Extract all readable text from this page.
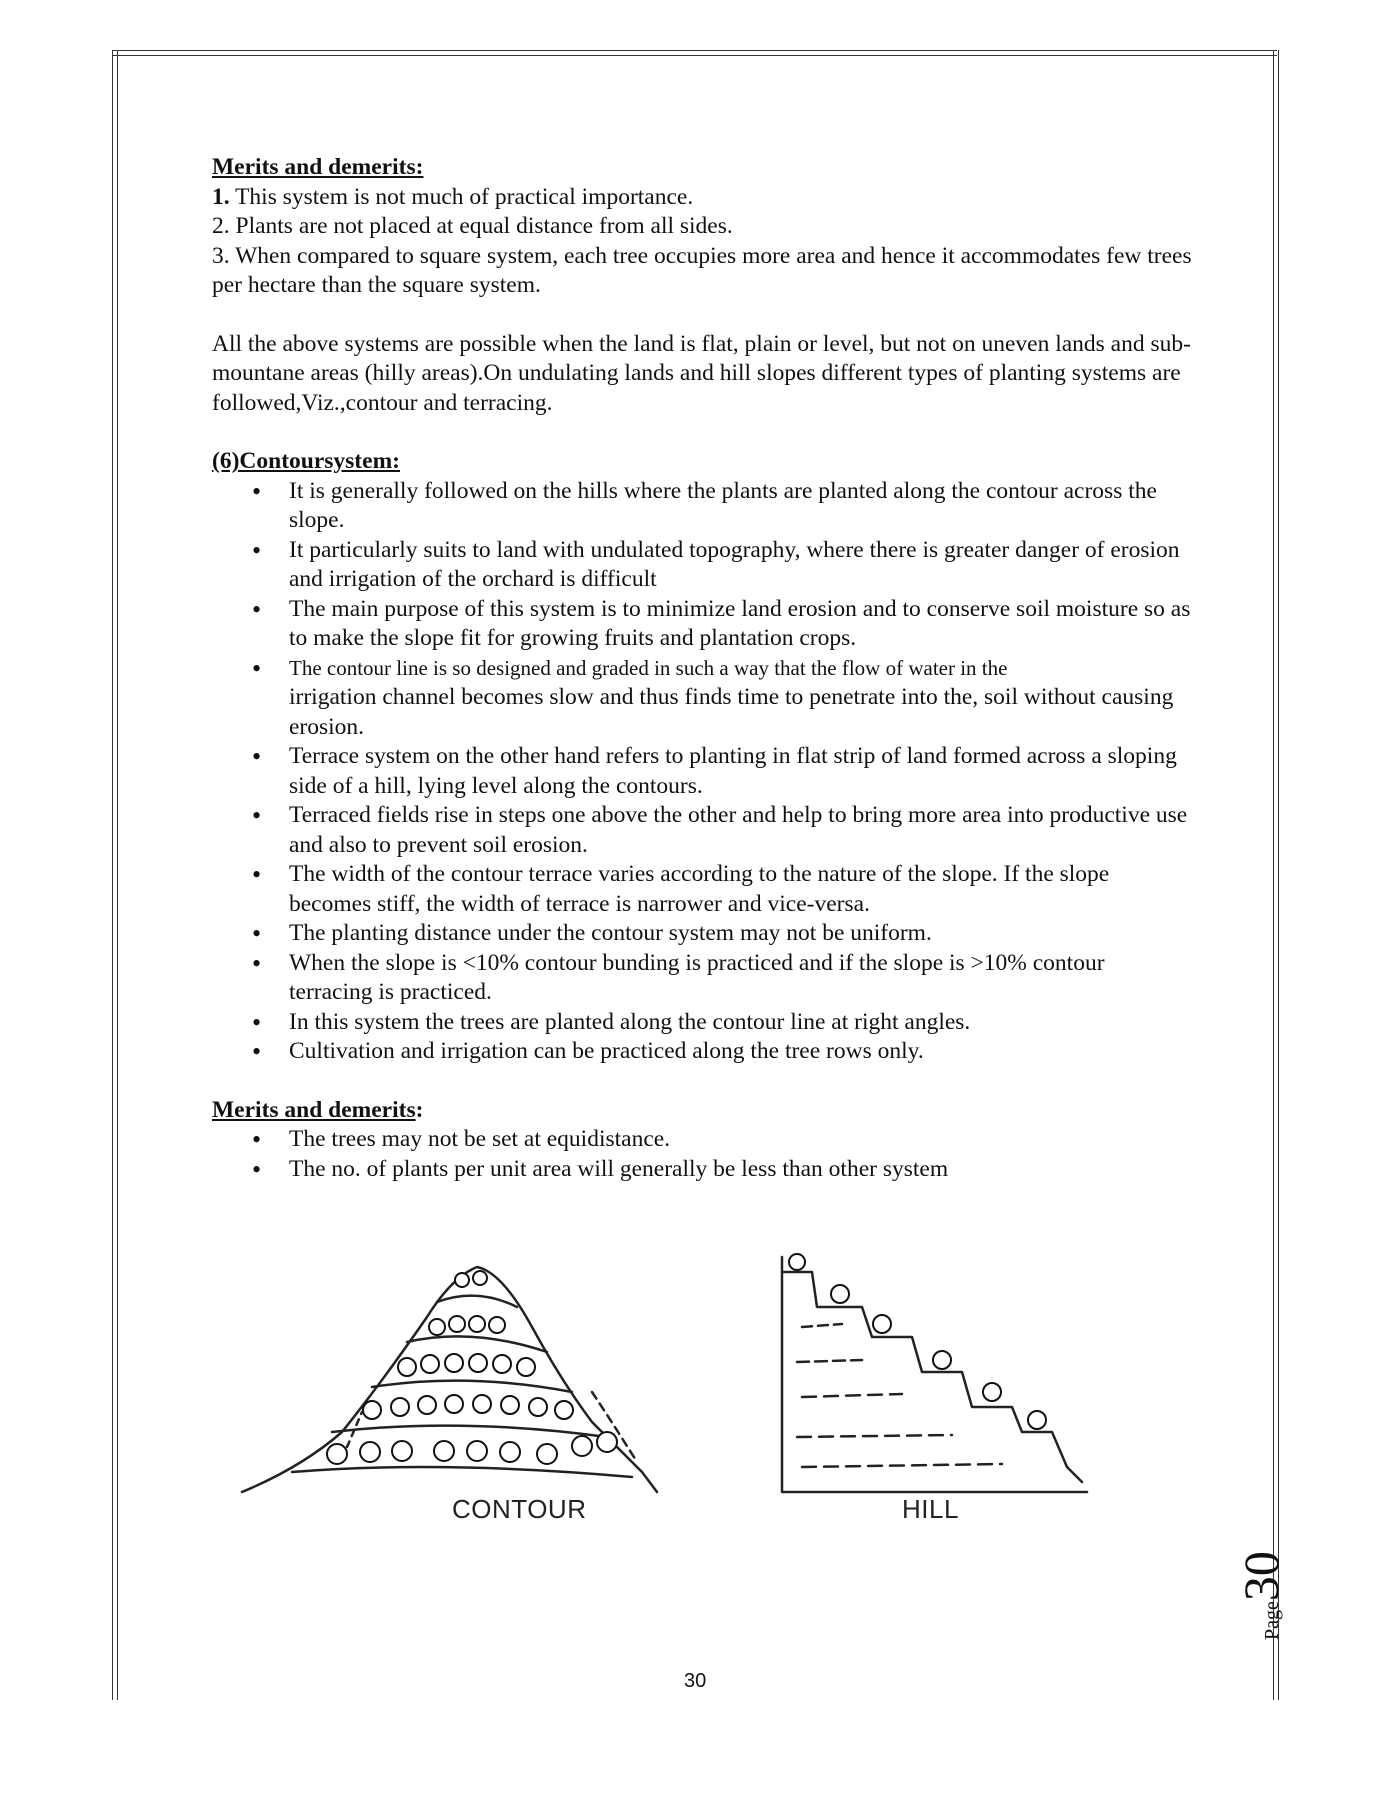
Merits and demerits:

1. This system is not much of practical importance.

2. Plants are not placed at equal distance from all sides.

3. When compared to square system, each tree occupies more area and hence it accommodates few trees per hectare than the square system.

All the above systems are possible when the land is flat, plain or level, but not on uneven lands and sub-mountane areas (hilly areas).On undulating lands and hill slopes different types of planting systems are followed,Viz.,contour and terracing.

(6)Contoursystem:

• It is generally followed on the hills where the plants are planted along the contour across the slope.
• It particularly suits to land with undulated topography, where there is greater danger of erosion and irrigation of the orchard is difficult
• The main purpose of this system is to minimize land erosion and to conserve soil moisture so as to make the slope fit for growing fruits and plantation crops.
• The contour line is so designed and graded in such a way that the flow of water in the
irrigation channel becomes slow and thus finds time to penetrate into the, soil without causing erosion.
• Terrace system on the other hand refers to planting in flat strip of land formed across a sloping side of a hill, lying level along the contours.
• Terraced fields rise in steps one above the other and help to bring more area into productive use and also to prevent soil erosion.
• The width of the contour terrace varies according to the nature of the slope. If the slope becomes stiff, the width of terrace is narrower and vice-versa.
• The planting distance under the contour system may not be uniform.
• When the slope is <10% contour bunding is practiced and if the slope is >10% contour terracing is practiced.
• In this system the trees are planted along the contour line at right angles.
• Cultivation and irrigation can be practiced along the tree rows only.

Merits and demerits:

• The trees may not be set at equidistance.
• The no. of plants per unit area will generally be less than other system
CONTOUR	HILL
Page30
30
